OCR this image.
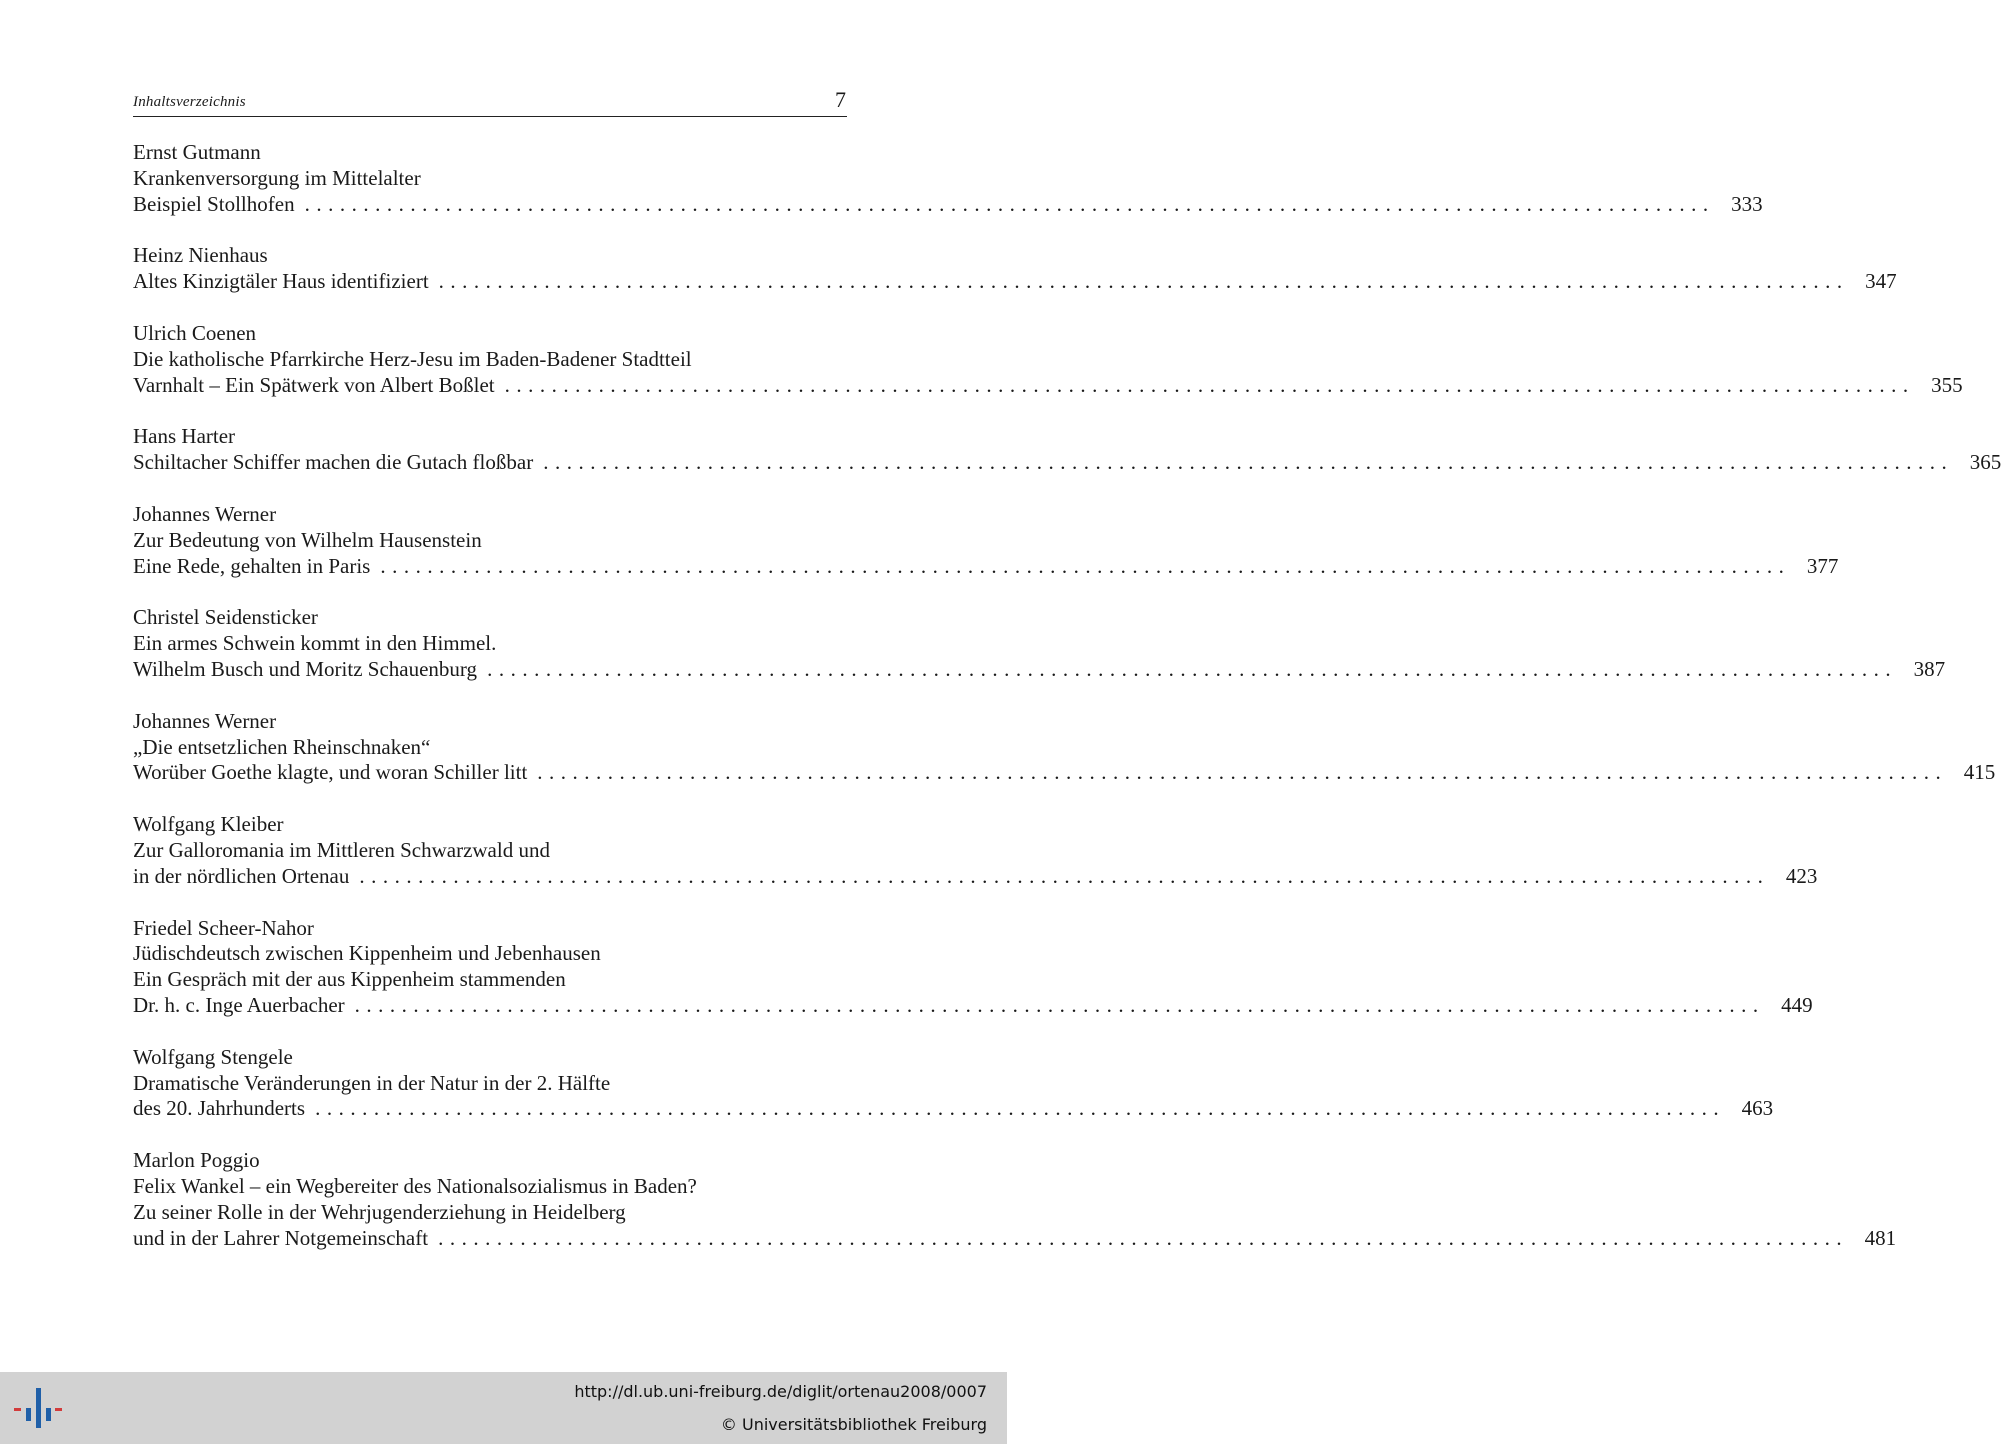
Inhaltsverzeichnis	7
Ernst Gutmann
Krankenversorgung im Mittelalter
Beispiel Stollhofen ........................................................................................................................ 333
Heinz Nienhaus
Altes Kinzigtäler Haus identifiziert ........................................................................................................................ 347
Ulrich Coenen
Die katholische Pfarrkirche Herz-Jesu im Baden-Badener Stadtteil
Varnhalt – Ein Spätwerk von Albert Boßlet ........................................................................................................................ 355
Hans Harter
Schiltacher Schiffer machen die Gutach floßbar ........................................................................................................................ 365
Johannes Werner
Zur Bedeutung von Wilhelm Hausenstein
Eine Rede, gehalten in Paris ........................................................................................................................ 377
Christel Seidensticker
Ein armes Schwein kommt in den Himmel.
Wilhelm Busch und Moritz Schauenburg ........................................................................................................................ 387
Johannes Werner
„Die entsetzlichen Rheinschnaken“
Worüber Goethe klagte, und woran Schiller litt ........................................................................................................................ 415
Wolfgang Kleiber
Zur Galloromania im Mittleren Schwarzwald und
in der nördlichen Ortenau ........................................................................................................................ 423
Friedel Scheer-Nahor
Jüdischdeutsch zwischen Kippenheim und Jebenhausen
Ein Gespräch mit der aus Kippenheim stammenden
Dr. h. c. Inge Auerbacher ........................................................................................................................ 449
Wolfgang Stengele
Dramatische Veränderungen in der Natur in der 2. Hälfte
des 20. Jahrhunderts ........................................................................................................................ 463
Marlon Poggio
Felix Wankel – ein Wegbereiter des Nationalsozialismus in Baden?
Zu seiner Rolle in der Wehrjugenderziehung in Heidelberg
und in der Lahrer Notgemeinschaft ........................................................................................................................ 481
http://dl.ub.uni-freiburg.de/diglit/ortenau2008/0007
© Universitätsbibliothek Freiburg
